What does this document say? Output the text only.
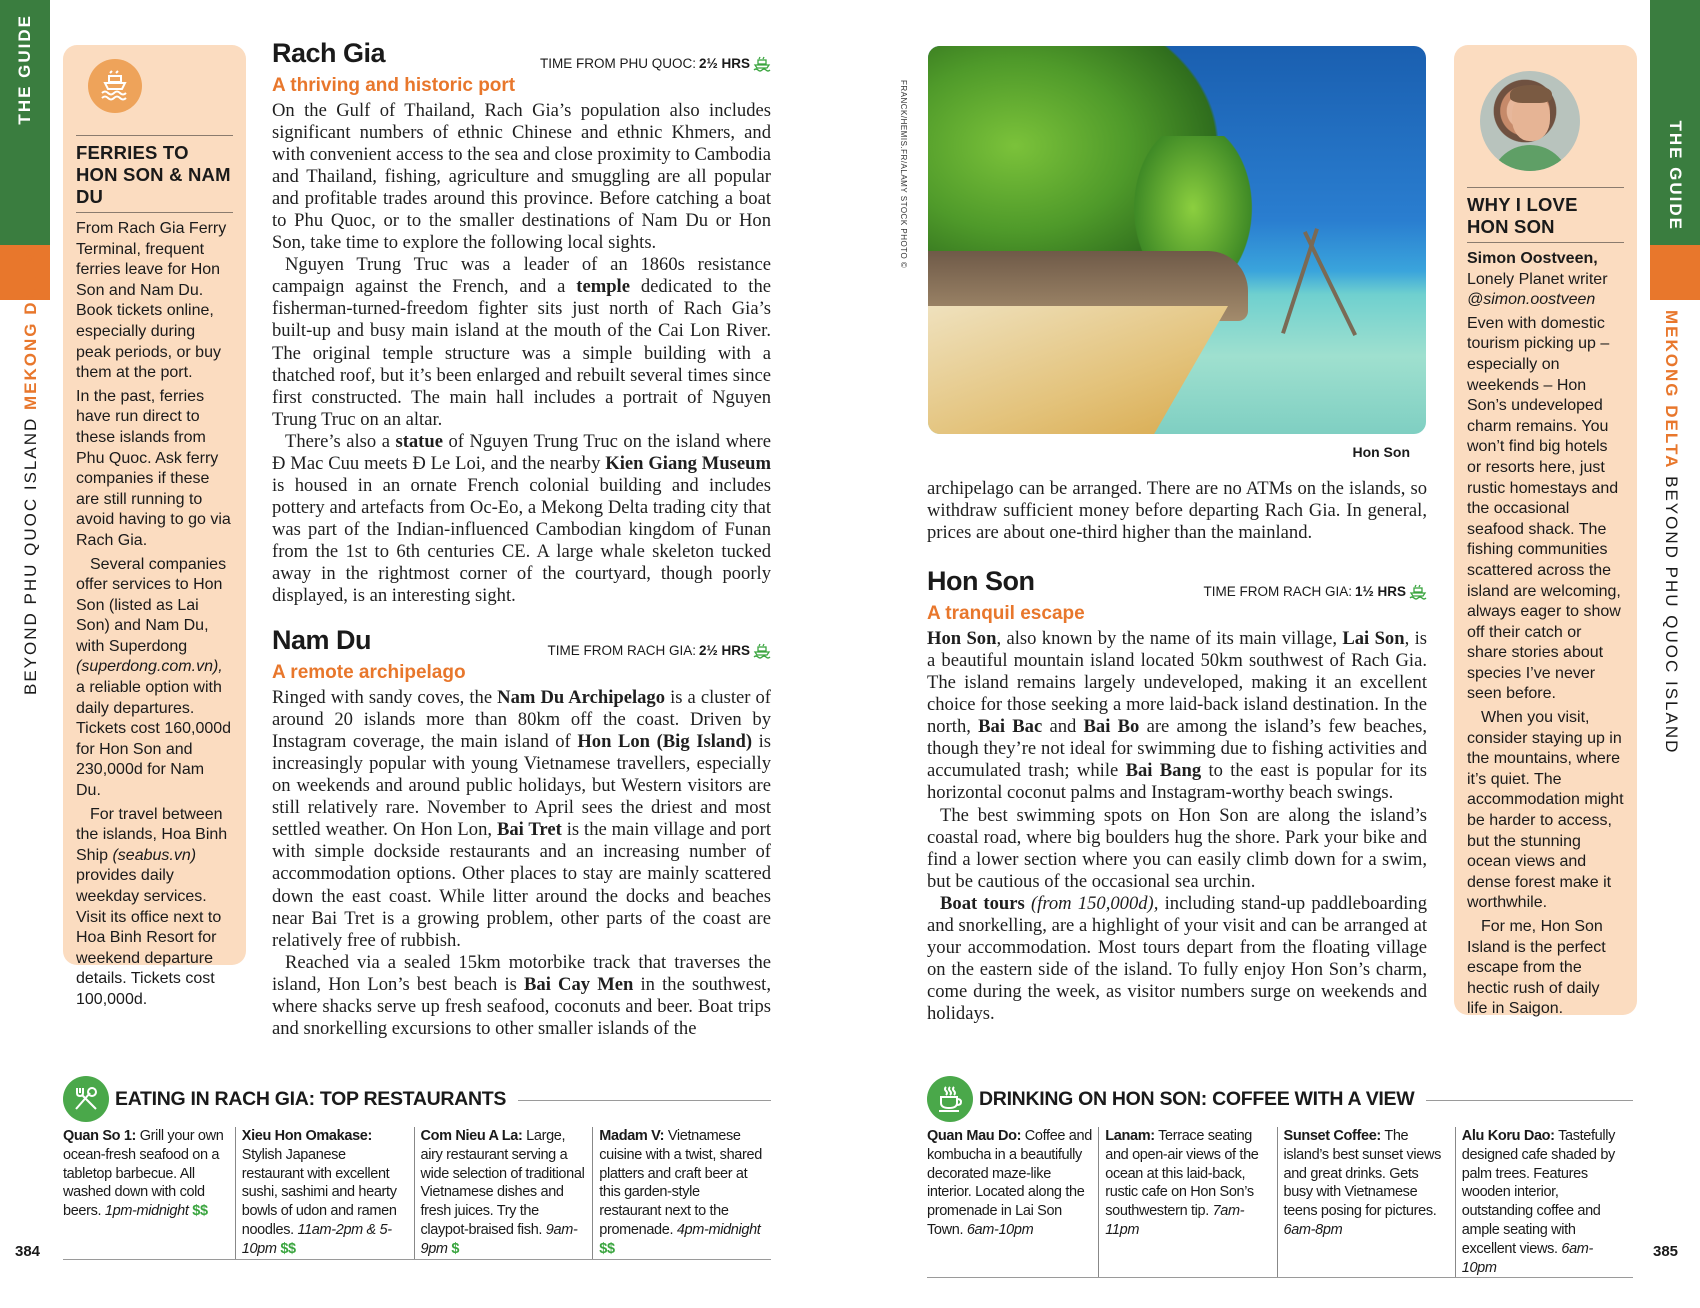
THE GUIDE
BEYOND PHU QUOC ISLAND MEKONG DELTA
THE GUIDE
MEKONG DELTA BEYOND PHU QUOC ISLAND
FERRIES TO HON SON & NAM DU

From Rach Gia Ferry Terminal, frequent ferries leave for Hon Son and Nam Du. Book tickets online, especially during peak periods, or buy them at the port.

In the past, ferries have run direct to these islands from Phu Quoc. Ask ferry companies if these are still running to avoid having to go via Rach Gia.

Several companies offer services to Hon Son (listed as Lai Son) and Nam Du, with Superdong (superdong.com.vn), a reliable option with daily departures. Tickets cost 160,000d for Hon Son and 230,000d for Nam Du.

For travel between the islands, Hoa Binh Ship (seabus.vn) provides daily weekday services. Visit its office next to Hoa Binh Resort for weekend departure details. Tickets cost 100,000d.

Rach Gia	TIME FROM PHU QUOC: 2½ HRS
A thriving and historic port

On the Gulf of Thailand, Rach Gia’s population also includes significant numbers of ethnic Chinese and ethnic Khmers, and with convenient access to the sea and close proximity to Cambodia and Thailand, fishing, agriculture and smuggling are all popular and profitable trades around this province. Before catching a boat to Phu Quoc, or to the smaller destinations of Nam Du or Hon Son, take time to explore the following local sights.

Nguyen Trung Truc was a leader of an 1860s resistance campaign against the French, and a temple dedicated to the fisherman-turned-freedom fighter sits just north of Rach Gia’s built-up and busy main island at the mouth of the Cai Lon River. The original temple structure was a simple building with a thatched roof, but it’s been enlarged and rebuilt several times since first constructed. The main hall includes a portrait of Nguyen Trung Truc on an altar.

There’s also a statue of Nguyen Trung Truc on the island where Đ Mac Cuu meets Đ Le Loi, and the nearby Kien Giang Museum is housed in an ornate French colonial building and includes pottery and artefacts from Oc-Eo, a Mekong Delta trading city that was part of the Indian-influenced Cambodian kingdom of Funan from the 1st to 6th centuries CE. A large whale skeleton tucked away in the rightmost corner of the courtyard, though poorly displayed, is an interesting sight.

Nam Du	TIME FROM RACH GIA: 2½ HRS
A remote archipelago

Ringed with sandy coves, the Nam Du Archipelago is a cluster of around 20 islands more than 80km off the coast. Driven by Instagram coverage, the main island of Hon Lon (Big Island) is increasingly popular with young Vietnamese travellers, especially on weekends and around public holidays, but Western visitors are still relatively rare. November to April sees the driest and most settled weather. On Hon Lon, Bai Tret is the main village and port with simple dockside restaurants and an increasing number of accommodation options. Other places to stay are mainly scattered down the east coast. While litter around the docks and beaches near Bai Tret is a growing problem, other parts of the coast are relatively free of rubbish.

Reached via a sealed 15km motorbike track that traverses the island, Hon Lon’s best beach is Bai Cay Men in the southwest, where shacks serve up fresh seafood, coconuts and beer. Boat trips and snorkelling excursions to other smaller islands of the

FRANCK/HEMIS.FR/ALAMY STOCK PHOTO ©
Hon Son

archipelago can be arranged. There are no ATMs on the islands, so withdraw sufficient money before departing Rach Gia. In general, prices are about one-third higher than the mainland.

Hon Son	TIME FROM RACH GIA: 1½ HRS
A tranquil escape

Hon Son, also known by the name of its main village, Lai Son, is a beautiful mountain island located 50km southwest of Rach Gia. The island remains largely undeveloped, making it an excellent choice for those seeking a more laid-back island destination. In the north, Bai Bac and Bai Bo are among the island’s few beaches, though they’re not ideal for swimming due to fishing activities and accumulated trash; while Bai Bang to the east is popular for its horizontal coconut palms and Instagram-worthy beach swings.

The best swimming spots on Hon Son are along the island’s coastal road, where big boulders hug the shore. Park your bike and find a lower section where you can easily climb down for a swim, but be cautious of the occasional sea urchin.

Boat tours (from 150,000d), including stand-up paddleboarding and snorkelling, are a highlight of your visit and can be arranged at your accommodation. Most tours depart from the floating village on the eastern side of the island. To fully enjoy Hon Son’s charm, come during the week, as visitor numbers surge on weekends and holidays.

WHY I LOVE HON SON

Simon Oostveen,

Lonely Planet writer

@simon.oostveen

Even with domestic tourism picking up – especially on weekends – Hon Son’s undeveloped charm remains. You won’t find big hotels or resorts here, just rustic homestays and the occasional seafood shack. The fishing communities scattered across the island are welcoming, always eager to show off their catch or share stories about species I’ve never seen before.

When you visit, consider staying up in the mountains, where it’s quiet. The accommodation might be harder to access, but the stunning ocean views and dense forest make it worthwhile.

For me, Hon Son Island is the perfect escape from the hectic rush of daily life in Saigon.

EATING IN RACH GIA: TOP RESTAURANTS
Quan So 1: Grill your own ocean-fresh seafood on a tabletop barbecue. All washed down with cold beers. 1pm-midnight $$
Xieu Hon Omakase: Stylish Japanese restaurant with excellent sushi, sashimi and hearty bowls of udon and ramen noodles. 11am-2pm & 5-10pm $$
Com Nieu A La: Large, airy restaurant serving a wide selection of traditional Vietnamese dishes and fresh juices. Try the claypot-braised fish. 9am-9pm $
Madam V: Vietnamese cuisine with a twist, shared platters and craft beer at this garden-style restaurant next to the promenade. 4pm-midnight $$
DRINKING ON HON SON: COFFEE WITH A VIEW
Quan Mau Do: Coffee and kombucha in a beautifully decorated maze-like interior. Located along the promenade in Lai Son Town. 6am-10pm
Lanam: Terrace seating and open-air views of the ocean at this laid-back, rustic cafe on Hon Son’s southwestern tip. 7am-11pm
Sunset Coffee: The island’s best sunset views and great drinks. Gets busy with Vietnamese teens posing for pictures. 6am-8pm
Alu Koru Dao: Tastefully designed cafe shaded by palm trees. Features wooden interior, outstanding coffee and ample seating with excellent views. 6am-10pm
384	385
